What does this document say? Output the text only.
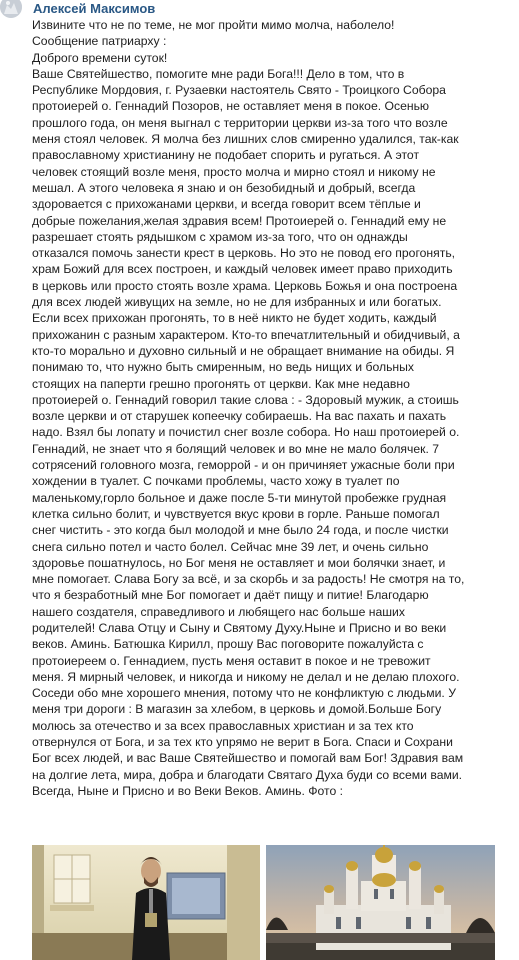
Алексей Максимов
Извините что не по теме, не мог пройти мимо молча, наболело!
Сообщение патриарху :
Доброго времени суток!
Ваше Святейшество, помогите мне ради Бога!!! Дело в том, что в
Республике Мордовия, г. Рузаевки настоятель Свято - Троицкого Собора
протоиерей о. Геннадий Позоров, не оставляет меня в покое. Осенью
прошлого года, он меня выгнал с территории церкви из-за того что возле
меня стоял человек. Я молча без лишних слов смиренно удалился, так-как
православному христианину не подобает спорить и ругаться. А этот
человек стоящий возле меня, просто молча и мирно стоял и никому не
мешал. А этого человека я знаю и он безобидный и добрый, всегда
здоровается с прихожанами церкви, и всегда говорит всем тёплые и
добрые пожелания,желая здравия всем! Протоиерей о. Геннадий ему не
разрешает стоять рядышком с храмом из-за того, что он однажды
отказался помочь занести крест в церковь. Но это не повод его прогонять,
храм Божий для всех построен, и каждый человек имеет право приходить
в церковь или просто стоять возле храма. Церковь Божья и она построена
для всех людей живущих на земле, но не для избранных и или богатых.
Если всех прихожан прогонять, то в неё никто не будет ходить, каждый
прихожанин с разным характером. Кто-то впечатлительный и обидчивый, а
кто-то морально и духовно сильный и не обращает внимание на обиды. Я
понимаю то, что нужно быть смиренным, но ведь нищих и больных
стоящих на паперти грешно прогонять от церкви. Как мне недавно
протоиерей о. Геннадий говорил такие слова : - Здоровый мужик, а стоишь
возле церкви и от старушек копеечку собираешь. На вас пахать и пахать
надо. Взял бы лопату и почистил снег возле собора. Но наш протоиерей о.
Геннадий, не знает что я болящий человек и во мне не мало болячек. 7
сотрясений головного мозга, геморрой - и он причиняет ужасные боли при
хождении в туалет. С почками проблемы, часто хожу в туалет по
маленькому,горло больное и даже после 5-ти минутой пробежке грудная
клетка сильно болит, и чувствуется вкус крови в горле. Раньше помогал
снег чистить - это когда был молодой и мне было 24 года, и после чистки
снега сильно потел и часто болел. Сейчас мне 39 лет, и очень сильно
здоровье пошатнулось, но Бог меня не оставляет и мои болячки знает, и
мне помогает. Слава Богу за всё, и за скорбь и за радость! Не смотря на то,
что я безработный мне Бог помогает и даёт пищу и питие! Благодарю
нашего создателя, справедливого и любящего нас больше наших
родителей! Слава Отцу и Сыну и Святому Духу.Ныне и Присно и во веки
веков. Аминь. Батюшка Кирилл, прошу Вас поговорите пожалуйста с
протоиереем о. Геннадием, пусть меня оставит в покое и не тревожит
меня. Я мирный человек, и никогда и никому не делал и не делаю плохого.
Соседи обо мне хорошего мнения, потому что не конфликтую с людьми. У
меня три дороги : В магазин за хлебом, в церковь и домой.Больше Богу
молюсь за отечество и за всех православных христиан и за тех кто
отвернулся от Бога, и за тех кто упрямо не верит в Бога. Спаси и Сохрани
Бог всех людей, и вас Ваше Святейшество и помогай вам Бог! Здравия вам
на долгие лета, мира, добра и благодати Святаго Духа буди со всеми вами.
Всегда, Ныне и Присно и во Веки Веков. Аминь. Фото :
